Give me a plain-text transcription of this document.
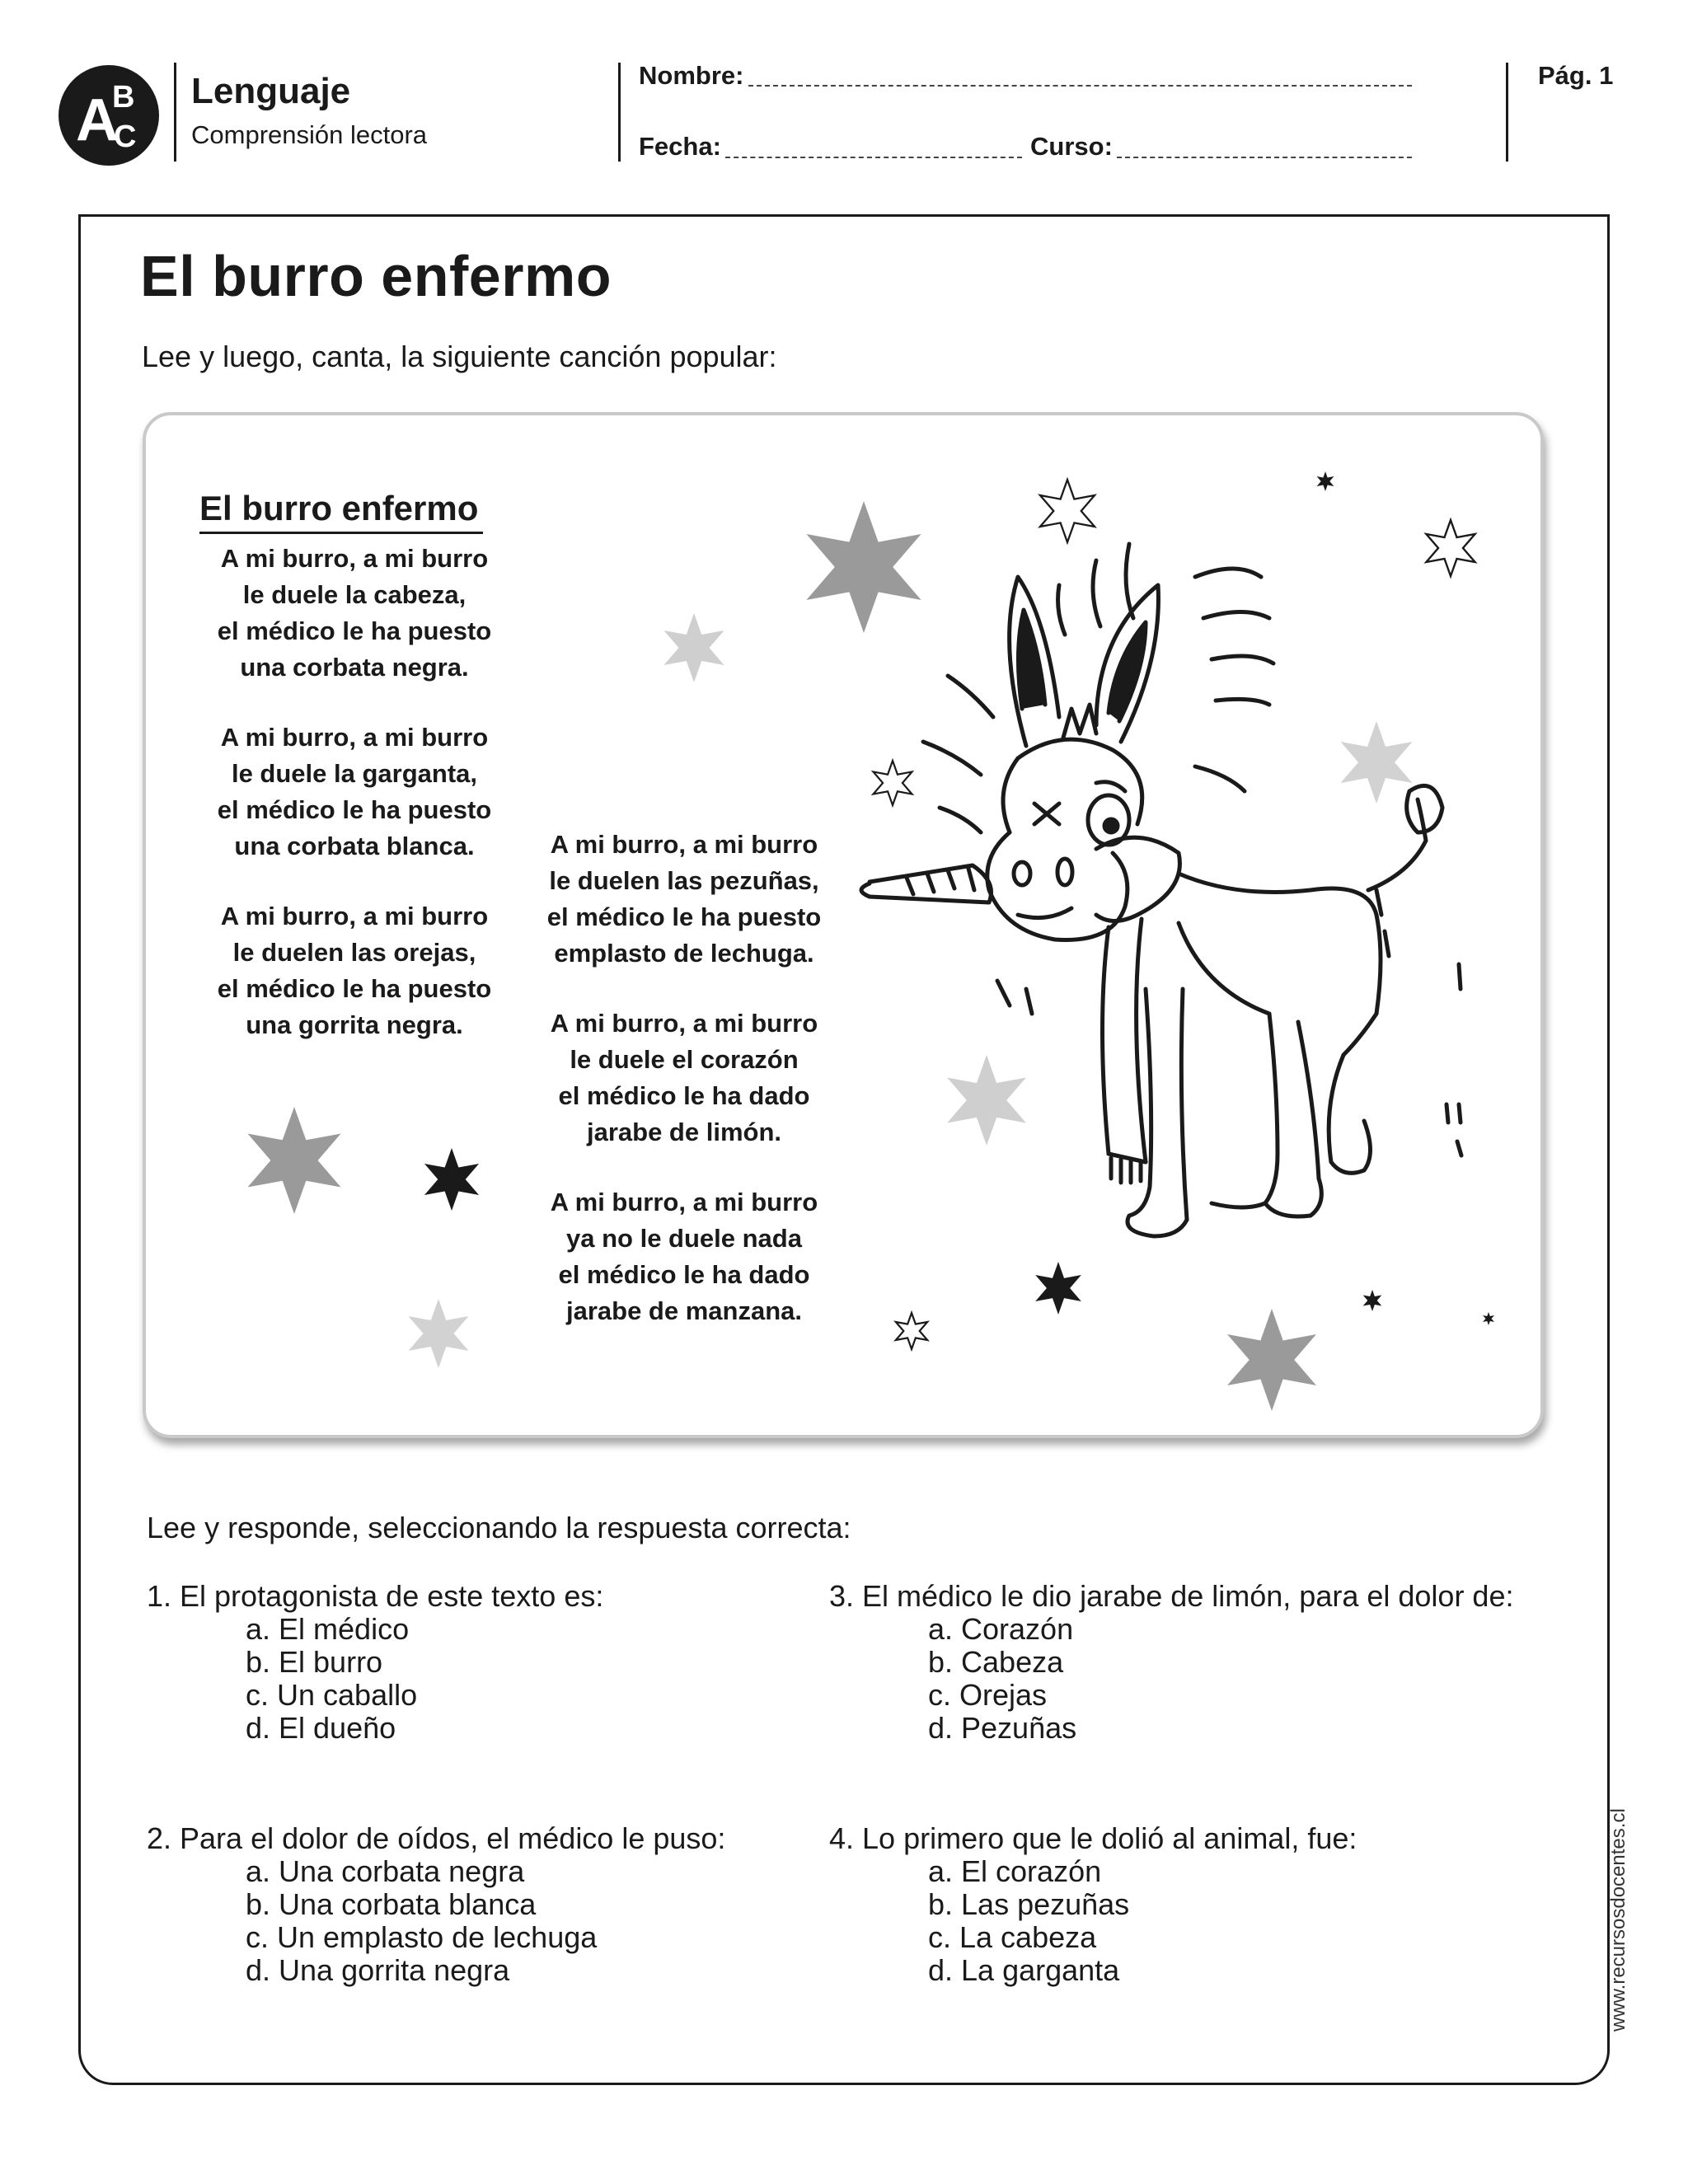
A
B
C
Lenguaje
Comprensión lectora
Nombre:
Fecha:	Curso:
Pág. 1
El burro enfermo
Lee y luego, canta, la siguiente canción popular:
El burro enfermo
A mi burro, a mi burro
le duele la cabeza,
el médico le ha puesto
una corbata negra.
A mi burro, a mi burro
le duele la garganta,
el médico le ha puesto
una corbata blanca.
A mi burro, a mi burro
le duelen las orejas,
el médico le ha puesto
una gorrita negra.
A mi burro, a mi burro
le duelen las pezuñas,
el médico le ha puesto
emplasto de lechuga.
A mi burro, a mi burro
le duele el corazón
el médico le ha dado
jarabe de limón.
A mi burro, a mi burro
ya no le duele nada
el médico le ha dado
jarabe de manzana.
Lee y responde, seleccionando la respuesta correcta:
1. El protagonista de este texto es:
a. El médico
b. El burro
c. Un caballo
d. El dueño
2. Para el dolor de oídos, el médico le puso:
a. Una corbata negra
b. Una corbata blanca
c. Un emplasto de lechuga
d. Una gorrita negra
3. El médico le dio jarabe de limón, para el dolor de:
a. Corazón
b. Cabeza
c. Orejas
d. Pezuñas
4. Lo primero que le dolió al animal, fue:
a. El corazón
b. Las pezuñas
c. La cabeza
d. La garganta	www.recursosdocentes.cl
